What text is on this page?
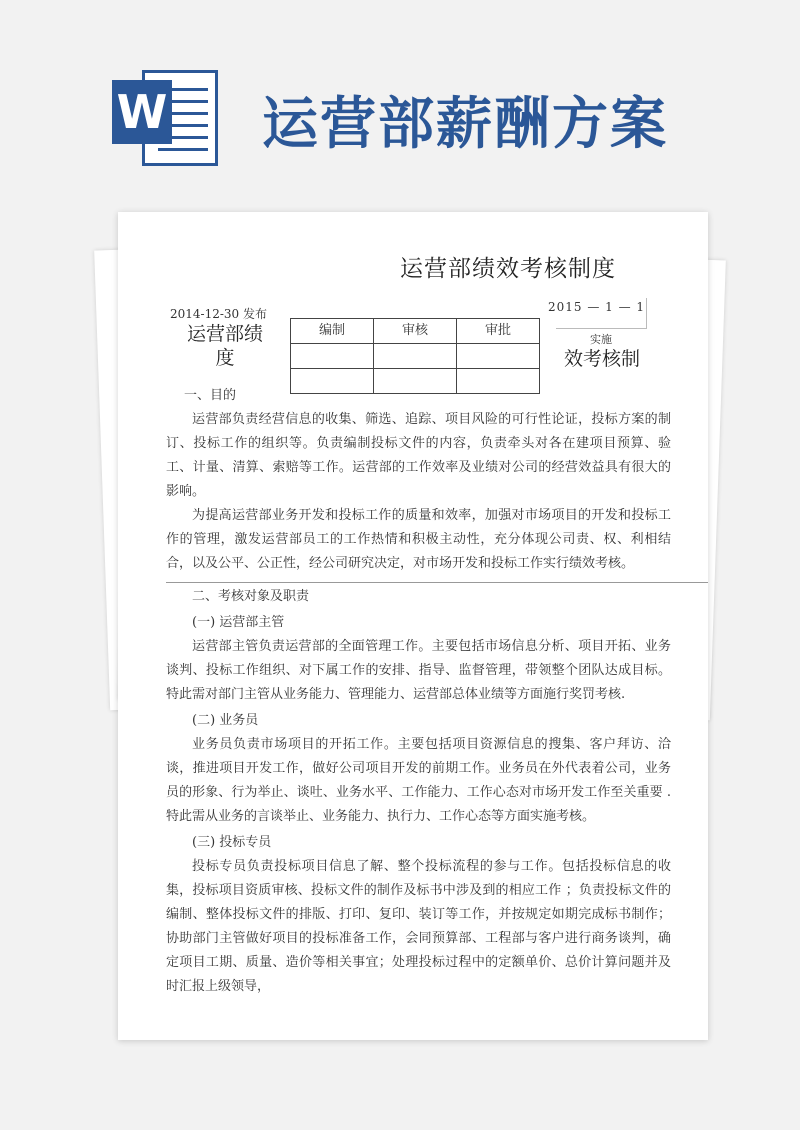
W 运营部薪酬方案
运营部绩效考核制度
2014-12-30 发布	2015 — 1 — 1
实施
运营部绩度	效考核制
编制	审核	审批

一、目的

运营部负责经营信息的收集、筛选、追踪、项目风险的可行性论证，投标方案的制订、投标工作的组织等。负责编制投标文件的内容，负责牵头对各在建项目预算、验工、计量、清算、索赔等工作。运营部的工作效率及业绩对公司的经营效益具有很大的影响。

为提高运营部业务开发和投标工作的质量和效率，加强对市场项目的开发和投标工作的管理，激发运营部员工的工作热情和积极主动性，充分体现公司责、权、利相结合，以及公平、公正性，经公司研究决定，对市场开发和投标工作实行绩效考核。

二、考核对象及职责

(一) 运营部主管

运营部主管负责运营部的全面管理工作。主要包括市场信息分析、项目开拓、业务谈判、投标工作组织、对下属工作的安排、指导、监督管理，带领整个团队达成目标。特此需对部门主管从业务能力、管理能力、运营部总体业绩等方面施行奖罚考核.

(二) 业务员

业务员负责市场项目的开拓工作。主要包括项目资源信息的搜集、客户拜访、洽谈，推进项目开发工作，做好公司项目开发的前期工作。业务员在外代表着公司，业务员的形象、行为举止、谈吐、业务水平、工作能力、工作心态对市场开发工作至关重要 .特此需从业务的言谈举止、业务能力、执行力、工作心态等方面实施考核。

(三) 投标专员

投标专员负责投标项目信息了解、整个投标流程的参与工作。包括投标信息的收集，投标项目资质审核、投标文件的制作及标书中涉及到的相应工作 ；负责投标文件的编制、整体投标文件的排版、打印、复印、装订等工作，并按规定如期完成标书制作；协助部门主管做好项目的投标准备工作，会同预算部、工程部与客户进行商务谈判，确定项目工期、质量、造价等相关事宜；处理投标过程中的定额单价、总价计算问题并及时汇报上级领导，
